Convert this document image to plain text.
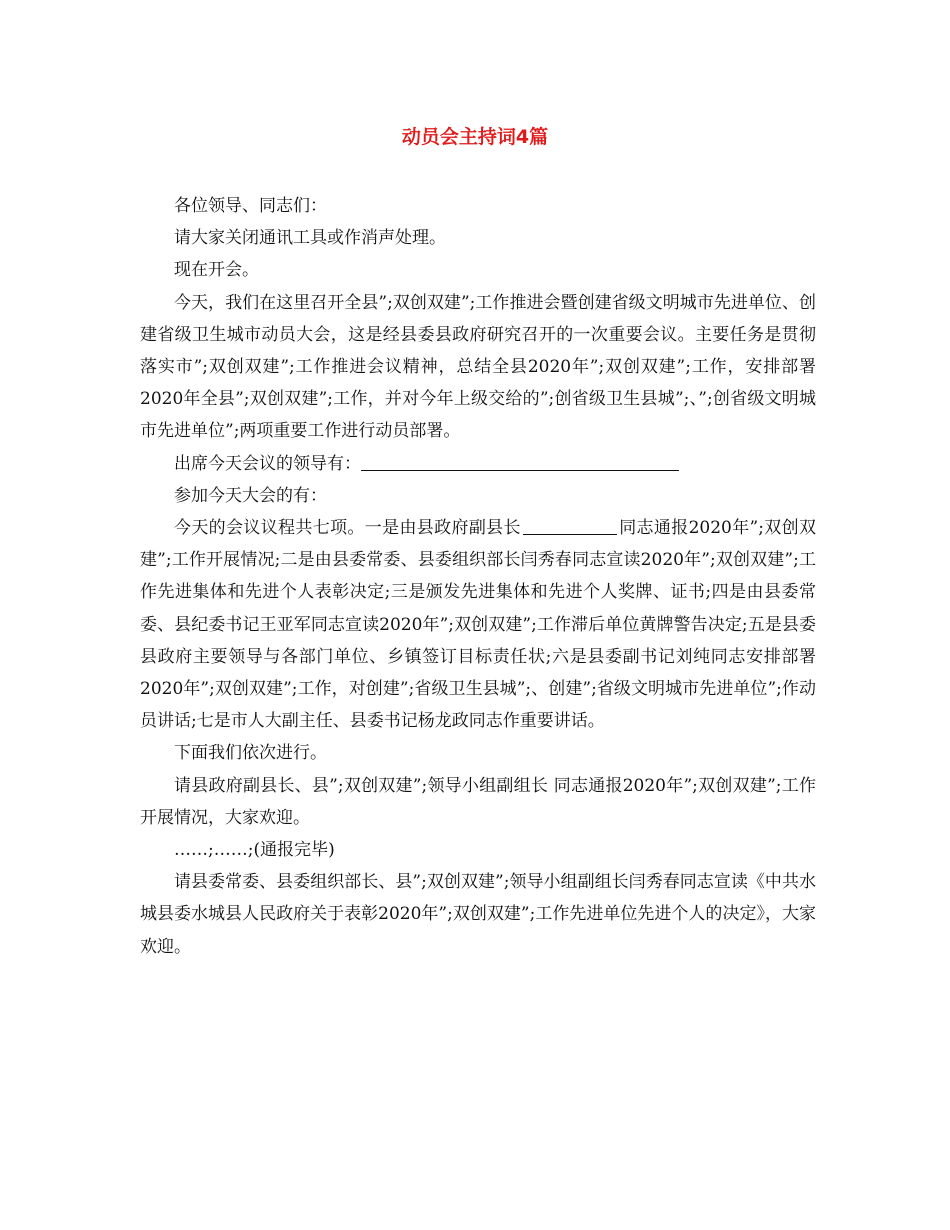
动员会主持词4篇

各位领导、同志们：

请大家关闭通讯工具或作消声处理。

现在开会。

今天，我们在这里召开全县”;双创双建”;工作推进会暨创建省级文明城市先进单位、创建省级卫生城市动员大会，这是经县委县政府研究召开的一次重要会议。主要任务是贯彻落实市”;双创双建”;工作推进会议精神，总结全县2020年”;双创双建”;工作，安排部署2020年全县”;双创双建”;工作，并对今年上级交给的”;创省级卫生县城”;、”;创省级文明城市先进单位”;两项重要工作进行动员部署。

出席今天会议的领导有：

参加今天大会的有：

今天的会议议程共七项。一是由县政府副县长	同志通报2020年”;双创双建”;工作开展情况;二是由县委常委、县委组织部长闫秀春同志宣读2020年”;双创双建”;工作先进集体和先进个人表彰决定;三是颁发先进集体和先进个人奖牌、证书;四是由县委常委、县纪委书记王亚军同志宣读2020年”;双创双建”;工作滞后单位黄牌警告决定;五是县委县政府主要领导与各部门单位、乡镇签订目标责任状;六是县委副书记刘纯同志安排部署2020年”;双创双建”;工作，对创建”;省级卫生县城”;、创建”;省级文明城市先进单位”;作动员讲话;七是市人大副主任、县委书记杨龙政同志作重要讲话。

下面我们依次进行。

请县政府副县长、县”;双创双建”;领导小组副组长 同志通报2020年”;双创双建”;工作开展情况，大家欢迎。

……;……;(通报完毕)

请县委常委、县委组织部长、县”;双创双建”;领导小组副组长闫秀春同志宣读《中共水城县委水城县人民政府关于表彰2020年”;双创双建”;工作先进单位先进个人的决定》，大家欢迎。
